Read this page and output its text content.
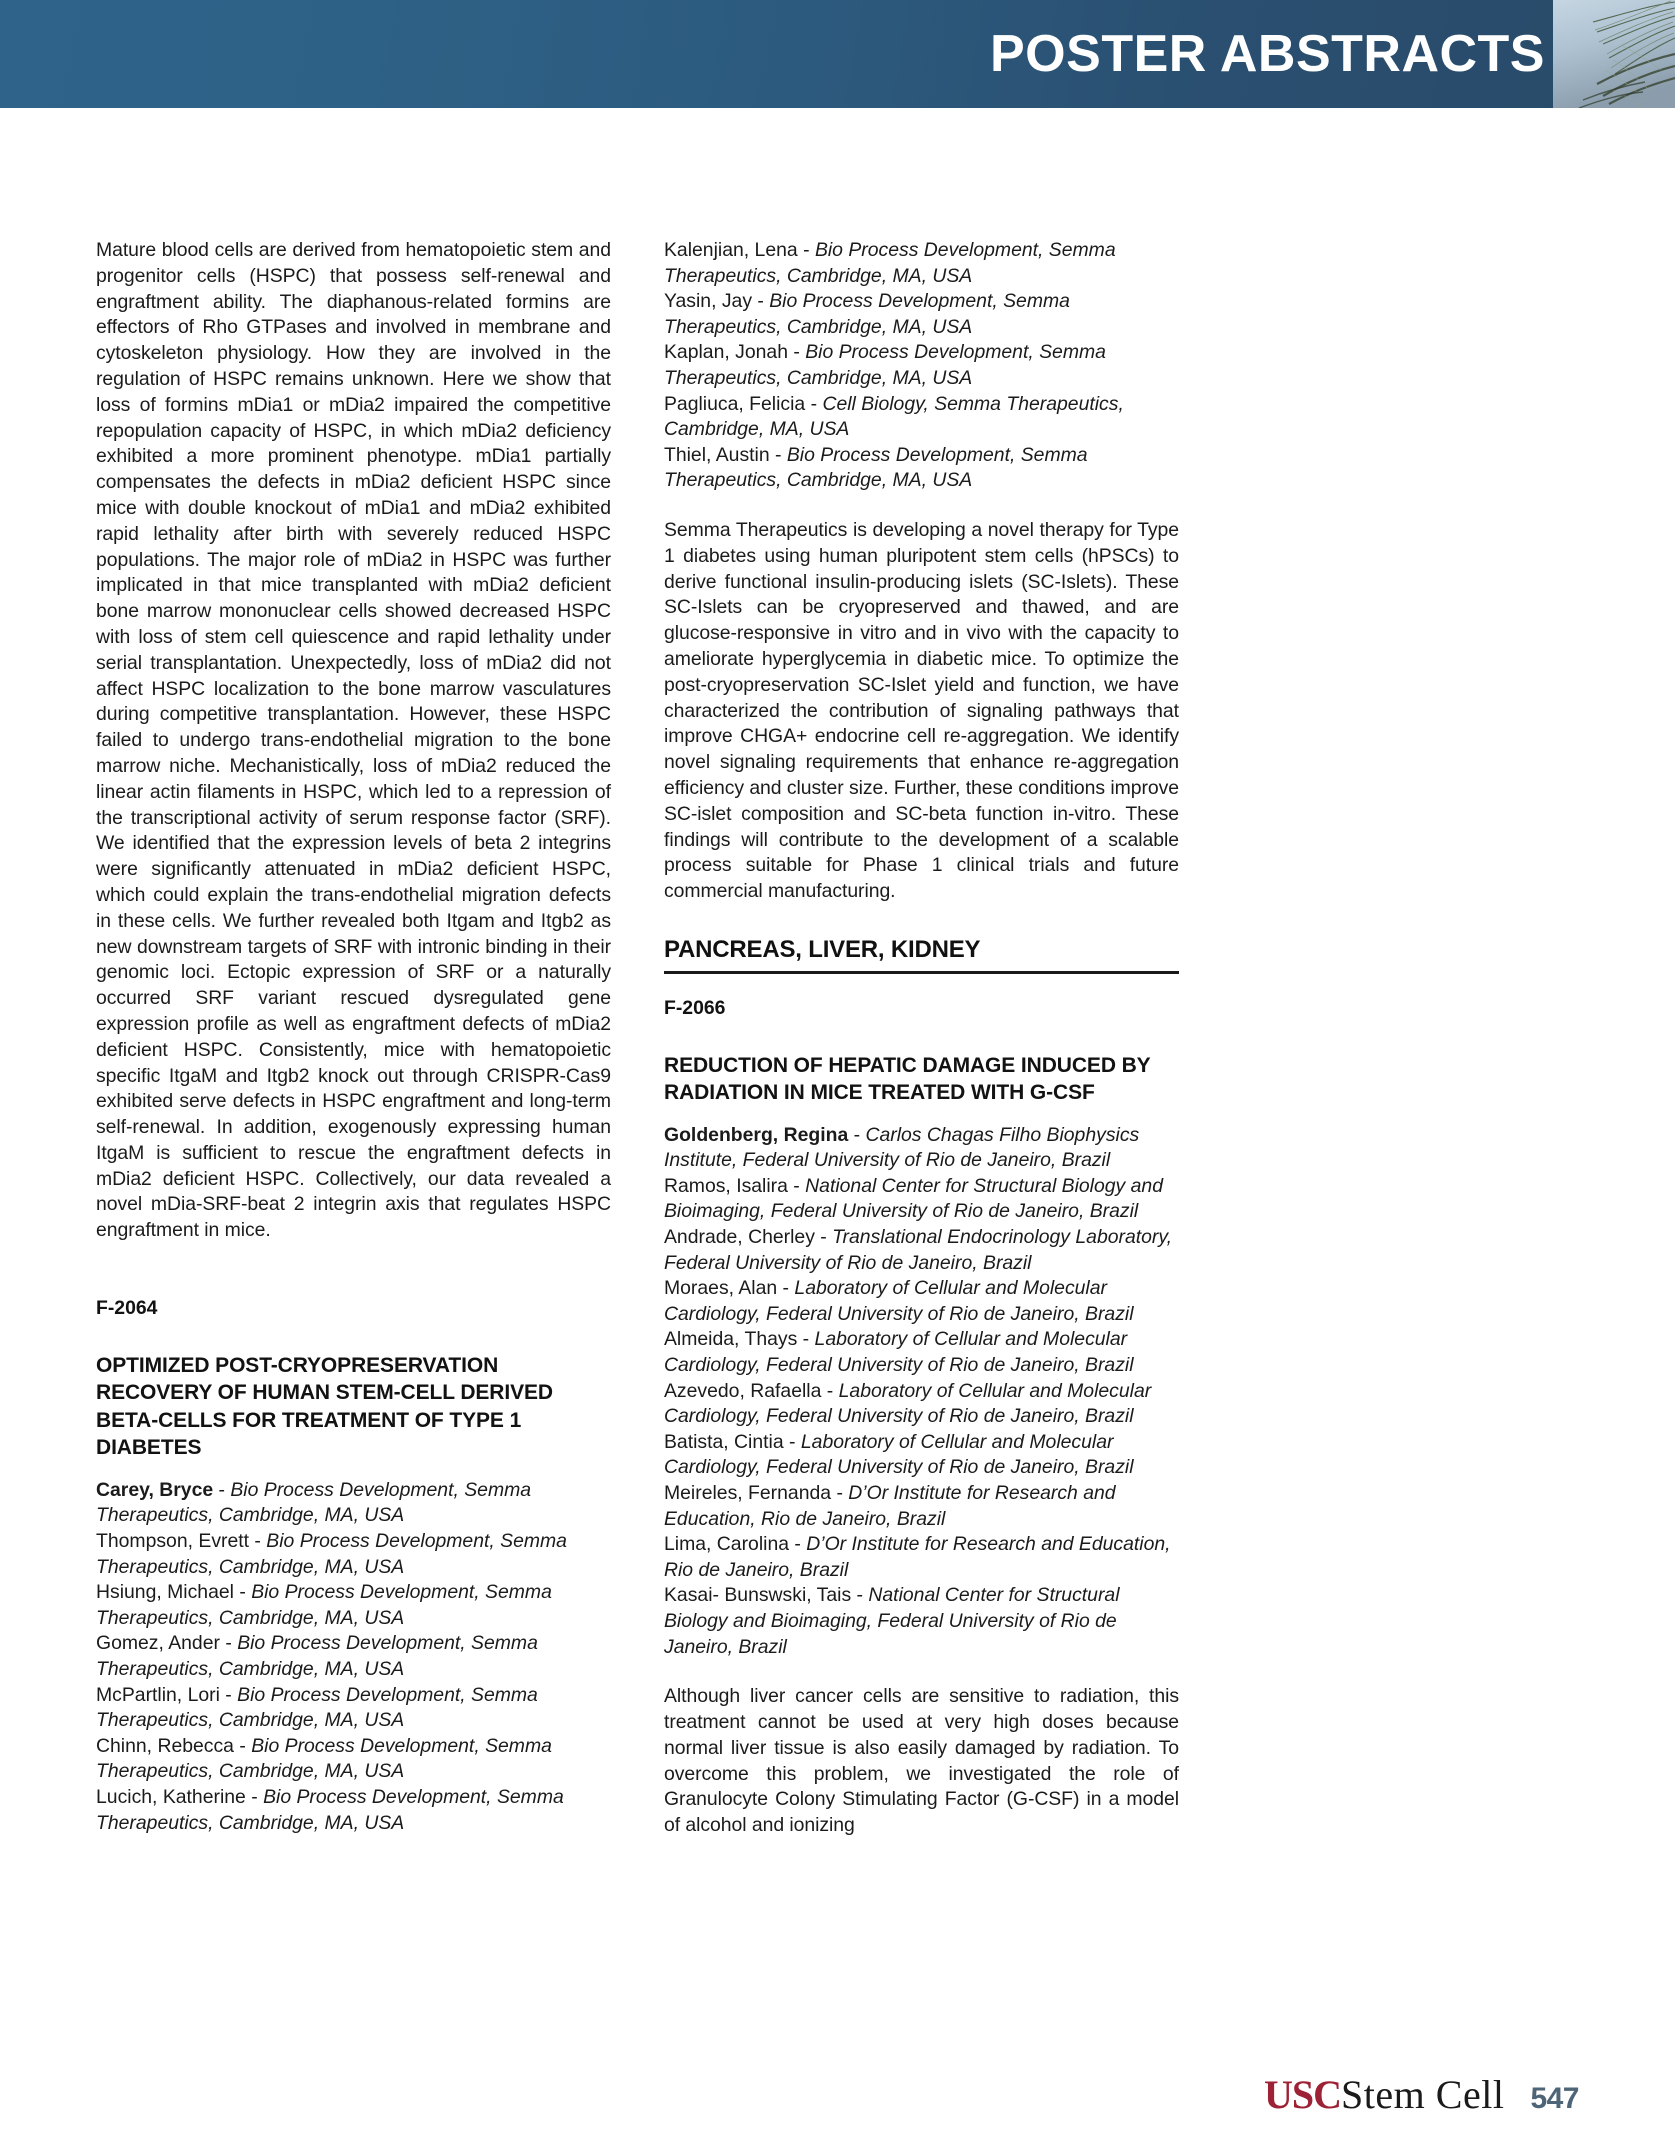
POSTER ABSTRACTS

Mature blood cells are derived from hematopoietic stem and progenitor cells (HSPC) that possess self-renewal and engraftment ability. The diaphanous-related formins are effectors of Rho GTPases and involved in membrane and cytoskeleton physiology. How they are involved in the regulation of HSPC remains unknown. Here we show that loss of formins mDia1 or mDia2 impaired the competitive repopulation capacity of HSPC, in which mDia2 deficiency exhibited a more prominent phenotype. mDia1 partially compensates the defects in mDia2 deficient HSPC since mice with double knockout of mDia1 and mDia2 exhibited rapid lethality after birth with severely reduced HSPC populations. The major role of mDia2 in HSPC was further implicated in that mice transplanted with mDia2 deficient bone marrow mononuclear cells showed decreased HSPC with loss of stem cell quiescence and rapid lethality under serial transplantation. Unexpectedly, loss of mDia2 did not affect HSPC localization to the bone marrow vasculatures during competitive transplantation. However, these HSPC failed to undergo trans-endothelial migration to the bone marrow niche. Mechanistically, loss of mDia2 reduced the linear actin filaments in HSPC, which led to a repression of the transcriptional activity of serum response factor (SRF). We identified that the expression levels of beta 2 integrins were significantly attenuated in mDia2 deficient HSPC, which could explain the trans-endothelial migration defects in these cells. We further revealed both Itgam and Itgb2 as new downstream targets of SRF with intronic binding in their genomic loci. Ectopic expression of SRF or a naturally occurred SRF variant rescued dysregulated gene expression profile as well as engraftment defects of mDia2 deficient HSPC. Consistently, mice with hematopoietic specific ItgaM and Itgb2 knock out through CRISPR-Cas9 exhibited serve defects in HSPC engraftment and long-term self-renewal. In addition, exogenously expressing human ItgaM is sufficient to rescue the engraftment defects in mDia2 deficient HSPC. Collectively, our data revealed a novel mDia-SRF-beat 2 integrin axis that regulates HSPC engraftment in mice.

F-2064
OPTIMIZED POST-CRYOPRESERVATION RECOVERY OF HUMAN STEM-CELL DERIVED BETA-CELLS FOR TREATMENT OF TYPE 1 DIABETES
Carey, Bryce - Bio Process Development, Semma Therapeutics, Cambridge, MA, USA
Thompson, Evrett - Bio Process Development, Semma Therapeutics, Cambridge, MA, USA
Hsiung, Michael - Bio Process Development, Semma Therapeutics, Cambridge, MA, USA
Gomez, Ander - Bio Process Development, Semma Therapeutics, Cambridge, MA, USA
McPartlin, Lori - Bio Process Development, Semma Therapeutics, Cambridge, MA, USA
Chinn, Rebecca - Bio Process Development, Semma Therapeutics, Cambridge, MA, USA
Lucich, Katherine - Bio Process Development, Semma Therapeutics, Cambridge, MA, USA
Kalenjian, Lena - Bio Process Development, Semma Therapeutics, Cambridge, MA, USA
Yasin, Jay - Bio Process Development, Semma Therapeutics, Cambridge, MA, USA
Kaplan, Jonah - Bio Process Development, Semma Therapeutics, Cambridge, MA, USA
Pagliuca, Felicia - Cell Biology, Semma Therapeutics, Cambridge, MA, USA
Thiel, Austin - Bio Process Development, Semma Therapeutics, Cambridge, MA, USA

Semma Therapeutics is developing a novel therapy for Type 1 diabetes using human pluripotent stem cells (hPSCs) to derive functional insulin-producing islets (SC-Islets). These SC-Islets can be cryopreserved and thawed, and are glucose-responsive in vitro and in vivo with the capacity to ameliorate hyperglycemia in diabetic mice. To optimize the post-cryopreservation SC-Islet yield and function, we have characterized the contribution of signaling pathways that improve CHGA+ endocrine cell re-aggregation. We identify novel signaling requirements that enhance re-aggregation efficiency and cluster size. Further, these conditions improve SC-islet composition and SC-beta function in-vitro. These findings will contribute to the development of a scalable process suitable for Phase 1 clinical trials and future commercial manufacturing.

PANCREAS, LIVER, KIDNEY
F-2066
REDUCTION OF HEPATIC DAMAGE INDUCED BY RADIATION IN MICE TREATED WITH G-CSF
Goldenberg, Regina - Carlos Chagas Filho Biophysics Institute, Federal University of Rio de Janeiro, Brazil
Ramos, Isalira - National Center for Structural Biology and Bioimaging, Federal University of Rio de Janeiro, Brazil
Andrade, Cherley - Translational Endocrinology Laboratory, Federal University of Rio de Janeiro, Brazil
Moraes, Alan - Laboratory of Cellular and Molecular Cardiology, Federal University of Rio de Janeiro, Brazil
Almeida, Thays - Laboratory of Cellular and Molecular Cardiology, Federal University of Rio de Janeiro, Brazil
Azevedo, Rafaella - Laboratory of Cellular and Molecular Cardiology, Federal University of Rio de Janeiro, Brazil
Batista, Cintia - Laboratory of Cellular and Molecular Cardiology, Federal University of Rio de Janeiro, Brazil
Meireles, Fernanda - D’Or Institute for Research and Education, Rio de Janeiro, Brazil
Lima, Carolina - D’Or Institute for Research and Education, Rio de Janeiro, Brazil
Kasai- Bunswski, Tais - National Center for Structural Biology and Bioimaging, Federal University of Rio de Janeiro, Brazil

Although liver cancer cells are sensitive to radiation, this treatment cannot be used at very high doses because normal liver tissue is also easily damaged by radiation. To overcome this problem, we investigated the role of Granulocyte Colony Stimulating Factor (G-CSF) in a model of alcohol and ionizing

USCStem Cell 547
